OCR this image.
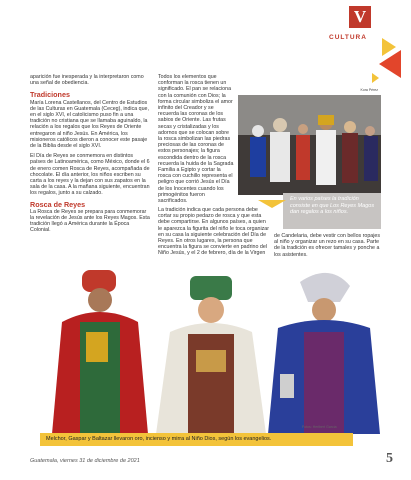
V
CULTURA
aparición fue inesperada y la interpretaron como una señal de obediencia.
Tradiciones
María Lorena Castellanos, del Centro de Estudios de las Culturas en Guatemala (Ceceg), indica que, en el siglo XVI, el catolicismo puso fin a una tradición no cristiana que se llamaba aguinaldo, la relación a los regalos que los Reyes de Oriente entregaron al niño Jesús. En América, los misioneros católicos dieron a conocer este pasaje de la Biblia desde el siglo XVI.
El Día de Reyes se conmemora en distintos países de Latinoamérica, como México, donde el 6 de enero comen Rosca de Reyes, acompañada de chocolate. El día anterior, los niños escriben su carta a los reyes y la dejan con sus zapatos en la sala de la casa. A la mañana siguiente, encuentran los regalos, junto a su calzado.
Rosca de Reyes
La Rosca de Reyes se prepara para conmemorar la revelación de Jesús ante los Reyes Magos. Esta tradición llegó a América durante la Época Colonial.
Todos los elementos que conforman la rosca tienen un significado. El pan se relaciona con la comunión con Dios; la forma circular simboliza el amor infinito del Creador y se recuerda las coronas de los sabios de Oriente. Las frutas secas y cristalizadas y los adornos que se colocan sobre la rosca simbolizan las piedras preciosas de las coronas de estos personajes; la figura escondida dentro de la rosca recuerda la huida de la Sagrada Familia a Egipto y cortar la rosca con cuchillo representa el peligro que corrió Jesús el Día de los Inocentes cuando los primogénitos fueron sacrificados.
La tradición indica que cada persona debe cortar su propio pedazo de rosca y que esta debe compartirse. En algunos países, a quien le aparezca la figurita del niño le toca organizar en su casa la siguiente celebración del Día de Reyes. En otros lugares, la persona que encuentra la figura se convierte en padrino del Niño Jesús, y el 2 de febrero, día de la Virgen
Kora Pérez
En varios países la tradición consiste en que Los Reyes Magos dan regalos a los niños.
de Candelaria, debe vestir con bellos ropajes al niño y organizar un rezo en su casa. Parte de la tradición es ofrecer tamales y ponche a los asistentes.
Fotos: Heribert García
Melchor, Gaspar y Baltazar llevaron oro, incienso y mirra al Niño Dios, según los evangelios.
Guatemala, viernes 31 de diciembre de 2021	5
